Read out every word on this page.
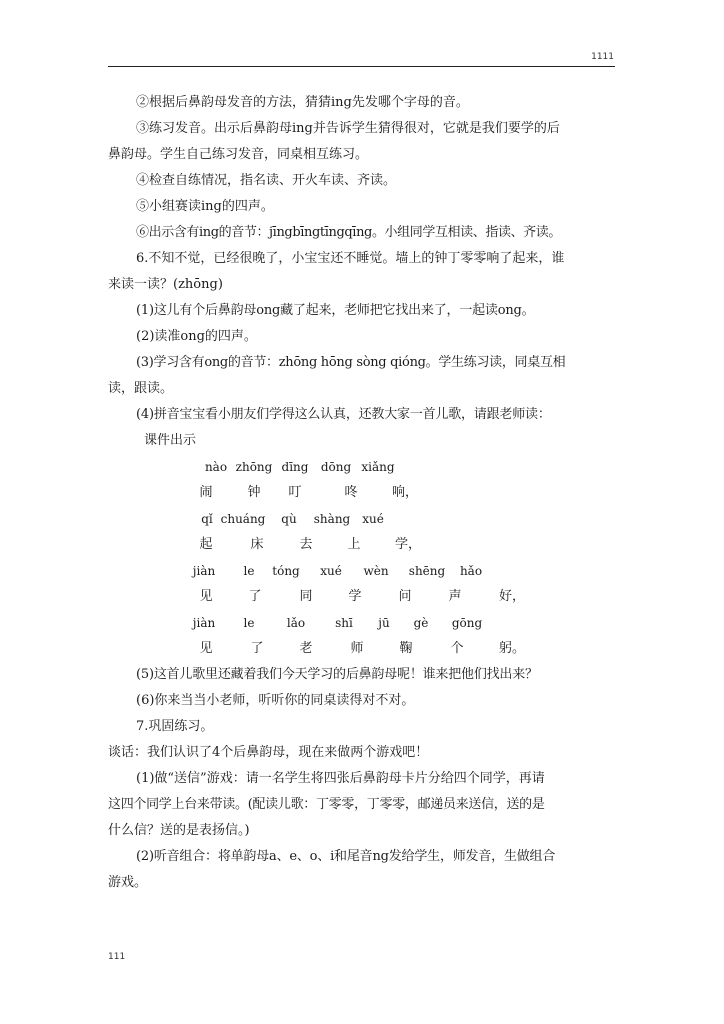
1111

②根据后鼻韵母发音的方法，猜猜ing先发哪个字母的音。

③练习发音。出示后鼻韵母ing并告诉学生猜得很对，它就是我们要学的后

鼻韵母。学生自己练习发音，同桌相互练习。

④检查自练情况，指名读、开火车读、齐读。

⑤小组赛读ing的四声。

⑥出示含有ing的音节：jīngbīngtīngqīng。小组同学互相读、指读、齐读。

6.不知不觉，已经很晚了，小宝宝还不睡觉。墙上的钟丁零零响了起来，谁

来读一读？(zhōng)

(1)这儿有个后鼻韵母ong藏了起来，老师把它找出来了，一起读ong。

(2)读准ong的四声。

(3)学习含有ong的音节：zhōng hōng sòng qióng。学生练习读，同桌互相

读，跟读。

(4)拼音宝宝看小朋友们学得这么认真，还教大家一首儿歌，请跟老师读：

课件出示

nào zhōng dīng dōng xiǎng
闹	钟 叮	咚	响，
qǐ chuáng qù shàng xué
起	床	去	上	学，
jiàn le tóng xué wèn shēng hǎo
见	了	同	学	问	声	好，
jiàn le	lǎo	shī jū gè gōng
见	了	老	师	鞠	个	躬。

(5)这首儿歌里还藏着我们今天学习的后鼻韵母呢！谁来把他们找出来？

(6)你来当当小老师，听听你的同桌读得对不对。

7.巩固练习。

谈话：我们认识了4个后鼻韵母，现在来做两个游戏吧！

(1)做“送信”游戏：请一名学生将四张后鼻韵母卡片分给四个同学，再请

这四个同学上台来带读。(配读儿歌：丁零零，丁零零，邮递员来送信，送的是

什么信？送的是表扬信。)

(2)听音组合：将单韵母a、e、o、i和尾音ng发给学生，师发音，生做组合

游戏。

111
